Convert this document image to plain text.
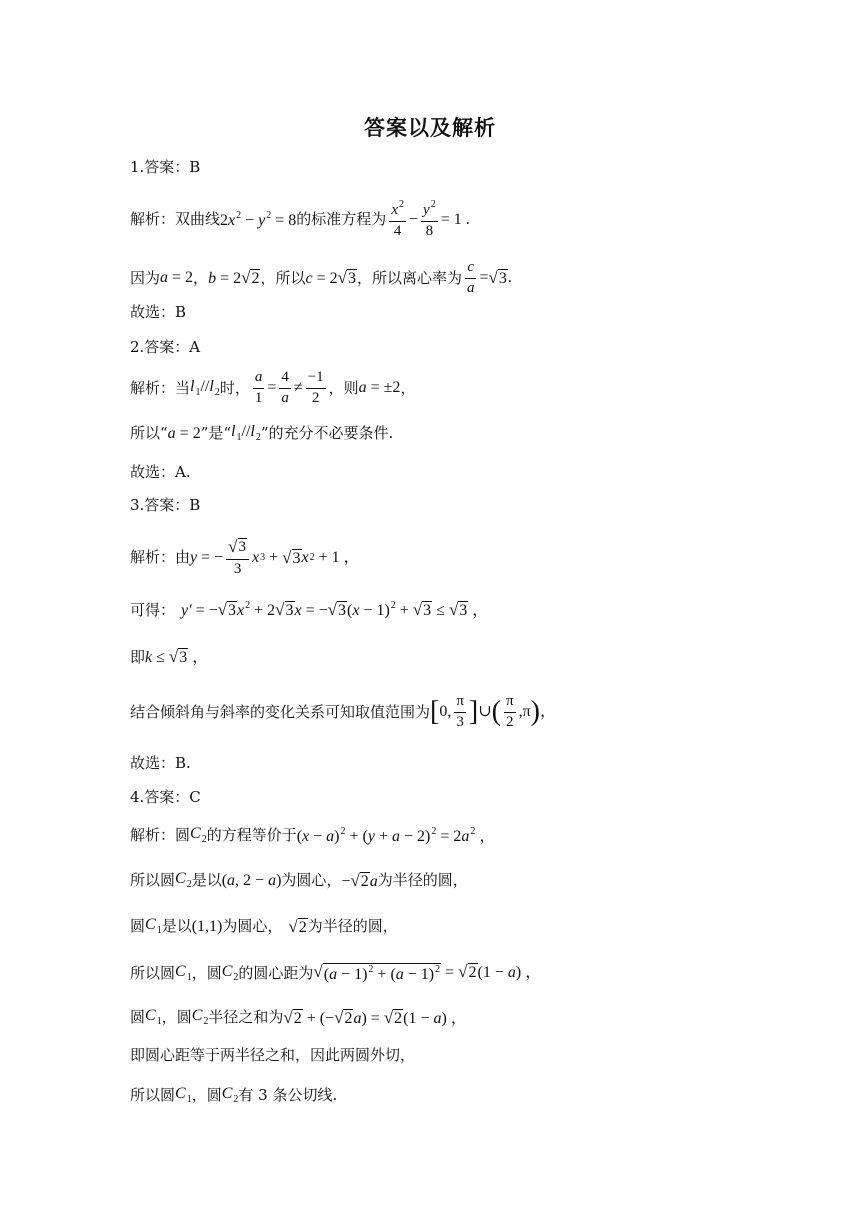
答案以及解析
1.答案：B
解析：双曲线 $2x^2 - y^2 = 8$ 的标准方程为 $\frac{x^2}{4} - \frac{y^2}{8} = 1$ .
因为 a = 2 ， b = 2 √ 2 ，所以 c = 2 √ 3 ，所以离心率为 $\frac{c}{a}$ = √ 3 .
故选：B
2.答案：A
解析：当 $l_1//l_2$ 时， $\frac{a}{1} = \frac{4}{a} \ne \frac{-1}{2}$ ，则 a = ±2 ，
所以“ a = 2 ”是“ $l_1//l_2$ ”的充分不必要条件.
故选：A.
3.答案：B
解析：由 y = − $\frac{√ 3}{3}$ x 3 + √ 3 x 2 + 1 ，
可得： y′ = − √ 3 $x^2 + 2$ √ 3 x = − √ 3 $(x - 1)^2$ + √ 3 ≤ √ 3 ，
即 k ≤ √ 3 ，
结合倾斜角与斜率的变化关系可知取值范围为 [ 0, $\frac{\pi}{3}$ ] ∪ ( $\frac{\pi}{2} ,\pi$ ) ，
故选：B.
4.答案：C
解析：圆 $C_2$ 的方程等价于 $(x - a)^2 + (y + a - 2)^2 = 2a^2$ ，
所以圆 $C_2$ 是以 (a, 2 − a) 为圆心， − √ 2 a 为半径的圆，
圆 $C_1$ 是以 (1,1) 为圆心， √ 2 为半径的圆，
所以圆 $C_1$ ，圆 $C_2$ 的圆心距为 √ $(a - 1)^2 + (a - 1)^2$ = √ 2 (1 − a) ，
圆 $C_1$ ，圆 $C_2$ 半径之和为 √ 2 + (− √ 2 a) = √ 2 (1 − a) ，
即圆心距等于两半径之和，因此两圆外切，
所以圆 $C_1$ ，圆 $C_2$ 有 3 条公切线.
